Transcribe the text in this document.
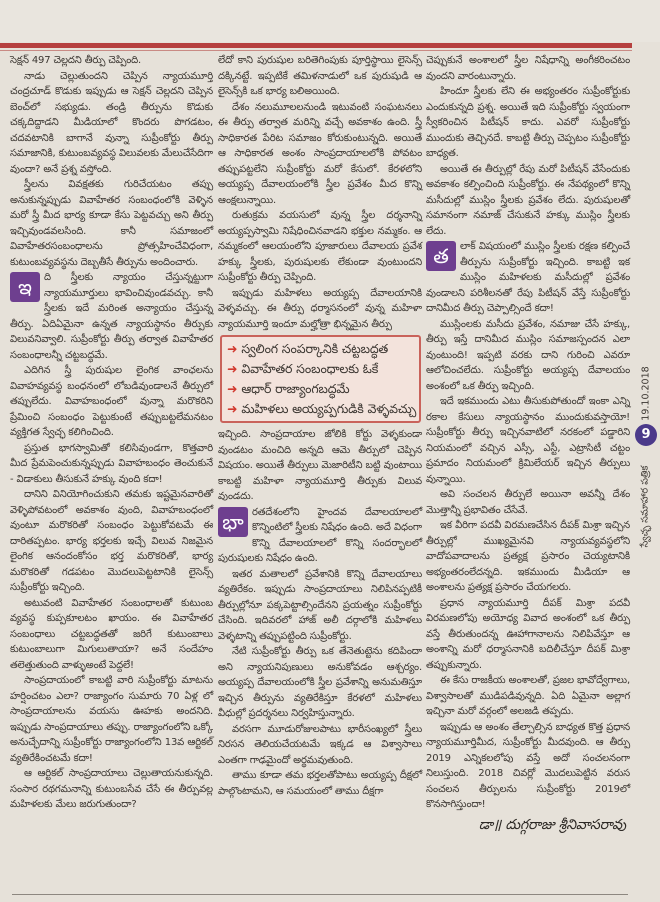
సెక్షన్ 497 చెల్లదని తీర్పు చెప్పింది.

నాడు చెల్లుతుందని చెప్పిన న్యాయమూర్తి చంద్రచూడ్ కొడుకు ఇప్పుడు ఆ సెక్షన్ చెల్లదని చెప్పిన బెంచ్‌లో సభ్యుడు. తండ్రి తీర్పును కొడుకు చక్కదిద్దాడని మీడియాలో కొందరు పొగడటం, చదవటానికి బాగానే వున్నా సుప్రీంకోర్టు తీర్పు సమాజానికి, కుటుంబవ్యవస్థ విలువలకు మేలుచేసేదిగా వుందా? అనే ప్రశ్న వస్తోంది.

స్త్రీలను వివక్షతకు గురిచేయటం తప్పు అనుకున్నప్పుడు వివాహేతర సంబంధంలోకి వెళ్ళిన మరో స్త్రీ మీద భార్య కూడా కేసు పెట్టవచ్చు అని తీర్పు ఇచ్చివుండవలసింది. కానీ సమాజంలో వివాహేతరసంబంధాలను ప్రోత్సహించేవిధంగా, కుటుంబవ్యవస్థను దెబ్బతీసే తీర్పును అందించారు.

ఇ	ది స్త్రీలకు న్యాయం చేస్తున్నట్టుగా న్యాయమూర్తులు భావించివుండవచ్చు. కానీ స్త్రీలకు ఇదే మరింత అన్యాయం చేస్తున్న తీర్పు. ఏదిఏమైనా ఉన్నత న్యాయస్థానం తీర్పుకు విలువనివ్వాలి. సుప్రీంకోర్టు తీర్పు తర్వాత వివాహేతర సంబంధాలన్నీ చట్టబద్ధమే.

ఎదిగిన స్త్రీ పురుషుల లైంగిక వాంఛలను వివాహవ్యవస్థ బంధనంలో లోబడివుండాలనే తీర్పులో తప్పులేదు. వివాహబంధంలో వున్నా మరొకరిని ప్రేమించి సంబంధం పెట్టుకుంటే తప్పుబట్టలేమనటం వ్యక్తిగత స్వేచ్ఛ కలిగించింది.

ప్రస్తుత భాగస్వామితో కలిసివుండగా, కొత్తవారి మీద ప్రేమపెంచుకున్నప్పుడు వివాహబంధం తెంచుకునే - విడాకులు తీసుకునే హక్కు వుంది కదా!

దానిని వినియోగించుకుని తమకు ఇష్టమైనవారితో వెళ్ళిపోవటంలో అవకాశం వుంది, వివాహబంధంలో వుంటూ మరొకరితో సంబంధం పెట్టుకోవటమే ఈ దారితప్పటం. భార్య భర్తలకు ఇచ్చే విలువ నిజమైన లైంగిక ఆనందంకోసం భర్త మరొకరితో, భార్య మరొకరితో గడపటం మొదలుపెట్టటానికి లైసెన్స్ సుప్రీంకోర్టు ఇచ్చింది.

అటువంటి వివాహేతర సంబంధాలతో కుటుంబ వ్యవస్థ కుప్పకూలటం ఖాయం. ఈ వివాహేతర సంబంధాలు చట్టబద్ధతతో జరిగే కుటుంబాలు కుటుంబాలుగా మిగులుతాయా? అనే సందేహం తలెత్తుతుంది వాళ్ళుఅంటే పెద్దలే!

సాంప్రదాయంలో కాబట్టి వారి సుప్రీంకోర్టు మాటను హర్షించటం ఎలా? రాజ్యాంగం సుమారు 70 ఏళ్ల లో సాంప్రదాయాలను వయసు ఊహకు అందనిది. ఇప్పుడు సాంప్రదాయాలు తప్పు. రాజ్యాంగంలోని ఒక్కో అనుచ్ఛేదాన్ని సుప్రీంకోర్టు రాజ్యాంగంలోని 13వ ఆర్టికల్ వ్యతిరేకించటమే కదా!

ఆ ఆర్టికల్ సాంప్రదాయాలు చెల్లుతాయనుకున్నది. సంసార రథగమనాన్ని కుటుంబసేవ చేసే ఈ తీర్పువల్ల మహిళలకు మేలు జరుగుతుందా?

లేదో కాని పురుషుల బరితెగింపుకు పూర్తిస్థాయి లైసెన్స్ దక్కినట్టే. ఇప్పటికే తమిళనాడులో ఒక పురుషుడి ఆ లైసెన్స్‌కి ఒక భార్య బలిఅయింది.

దేశం నలుమూలలనుండి ఇటువంటి సంఘటనలు ఈ తీర్పు తర్వాత మరిన్ని వచ్చే అవకాశం ఉంది. స్త్రీ సాధికారత పేరిట సమాజం కోరుకుంటున్నది. అయితే ఆ సాధికారత అంశం సాంప్రదాయాలలోకి పోవటం తప్పుపట్టలేని సుప్రీంకోర్టు మరో కేసులో. కేరళలోని అయ్యప్ప దేవాలయంలోకి స్త్రీల ప్రవేశం మీద కొన్ని ఆంక్షలున్నాయి.

రుతుక్రమ వయసులో వున్న స్త్రీల దర్శనాన్ని అయ్యప్పస్వామి నిషేధించినవాడని భక్తుల నమ్మకం. ఆ నమ్మకంలో ఆలయంలోని పూజారులు దేవాలయ ప్రవేశ హక్కు స్త్రీలకు, పురుషులకు లేకుండా వుంటుందని సుప్రీంకోర్టు తీర్పు చెప్పింది.

ఇప్పుడు మహిళలు అయ్యప్ప దేవాలయానికి వెళ్ళవచ్చు. ఈ తీర్పు ధర్మాసనంలో వున్న మహిళా న్యాయమూర్తి ఇందూ మల్హోత్రా భిన్నమైన తీర్పు

➜ స్వలింగ సంపర్కానికి చట్టబద్ధత
➜ వివాహేతర సంబంధాలకు ఓకే
➜ ఆధార్ రాజ్యాంగబద్ధమే
➜ మహిళలు అయ్యప్పగుడికి వెళ్ళవచ్చు

ఇచ్చింది. సాంప్రదాయాల జోలికి కోర్టు వెళ్ళకుండా వుండటం మంచిది అన్నది ఆమె తీర్పులో చెప్పిన విషయం. అయితే తీర్పులు మెజారిటీని బట్టి వుంటాయి కాబట్టి మహిళా న్యాయమూర్తి తీర్పుకు విలువ వుండదు.

భా రతదేశంలోని హైందవ దేవాలయాలలో కొన్నింటిలో స్త్రీలకు నిషేధం ఉంది. అదే విధంగా కొన్ని దేవాలయాలలో కొన్ని సందర్భాలలో పురుషులకు నిషేధం ఉంది.

ఇతర మతాలలో ప్రవేశానికి కొన్ని దేవాలయాలు వ్యతిరేకం. ఇప్పుడు సాంప్రదాయాలు నిలిపినప్పటికీ తీర్పుల్లోనూ పక్కపెట్టాల్సిందేనని ప్రయత్నం సుప్రీంకోర్టు చేసింది. ఇదివరలో హాజ్ అలీ దర్గాలోకి మహిళలు వెళ్ళటాన్ని తప్పుపట్టింది సుప్రీంకోర్టు.

నేటి సుప్రీంకోర్టు తీర్పు ఒక తేనెతుట్టెను కదిపిందా అని న్యాయనిపుణులు అనుకోవడం ఆశ్చర్యం. అయ్యప్ప దేవాలయంలోకి స్త్రీల ప్రవేశాన్ని అనుమతిస్తూ ఇచ్చిన తీర్పును వ్యతిరేకిస్తూ కేరళలో మహిళలు వీధుల్లో ప్రదర్శనలు నిర్వహిస్తున్నారు.

వరసగా మూడురోజులపాటు భారీసంఖ్యలో స్త్రీలు నిరసన తెలియచేయటమే ఇక్కడ ఆ విశ్వాసాలు ఎంతగా గాఢమైందో అర్థమవుతుంది.

తాము కూడా తమ భర్తలతోపాటు అయ్యప్ప దీక్షలో పాల్గొంటామని, ఆ సమయంలో తాము దీక్షగా

చెప్పుకునే అంశాలలో స్త్రీల నిషేధాన్ని అంగీకరించటం వుందని వారంటున్నారు.

హిందూ స్త్రీలకు లేని ఈ అభ్యంతరం సుప్రీంకోర్టుకు ఎందుకున్నది ప్రశ్న. అయితే ఇది సుప్రీంకోర్టు స్వయంగా స్వీకరించిన పిటీషన్ కాదు. ఎవరో సుప్రీంకోర్టు ముందుకు తెచ్చినదే. కాబట్టి తీర్పు చెప్పటం సుప్రీంకోర్టు బాధ్యత.

అయితే ఈ తీర్పుల్లో రేపు మరో పిటీషన్ వేసేందుకు అవకాశం కల్పించింది సుప్రీంకోర్టు. ఈ నేపథ్యంలో కొన్ని మసీదుల్లో ముస్లిం స్త్రీలకు ప్రవేశం లేదు. పురుషులతో సమానంగా నమాజ్ చేసుకునే హక్కు ముస్లిం స్త్రీలకు లేదు.

త	లాక్ విషయంలో ముస్లిం స్త్రీలకు రక్షణ కల్పించే తీర్పును సుప్రీంకోర్టు ఇచ్చింది. కాబట్టి ఇక ముస్లిం మహిళలకు మసీదుల్లో ప్రవేశం వుండాలని పరిశీలనతో రేపు పిటీషన్ వేస్తే సుప్రీంకోర్టు దానిమీద తీర్పు చెప్పాల్సిందే కదా!

ముస్లింలకు మసీదు ప్రవేశం, నమాజు చేసే హక్కు, తీర్పు ఇస్తే దానిమీద ముస్లిం సమాజస్పందన ఎలా వుంటుంది! ఇప్పటి వరకు దాని గురించి ఎవరూ ఆలోచించలేదు. సుప్రీంకోర్టు అయ్యప్ప దేవాలయం అంశంలో ఒక తీర్పు ఇచ్చింది.

ఇదే ఇకముందు ఎటు తీసుకుపోతుందో ఇంకా ఎన్ని రకాల కేసులు న్యాయస్థానం ముందుకువస్తాయో! సుప్రీంకోర్టు తీర్పు ఇచ్చినవాటిలో నరకంలో పడ్డారిని నియమంలో వచ్చిన ఎస్సీ, ఎస్టీ, ఎట్రాసిటీ చట్టం ప్రమాదం నియమంలో క్రిమిలేయర్ ఇచ్చిన తీర్పులు వున్నాయి.

అవి సంచలన తీర్పులే అయినా అవన్నీ దేశం మొత్తాన్నీ ప్రభావితం చేసేవే.

ఇక వీరిగా పదవీ విరమణచేసిన దీపక్ మిశ్రా ఇచ్చిన తీర్పుల్లో ముఖ్యమైనవి న్యాయవ్యవస్థలోని వాదోపవాదాలను ప్రత్యక్ష ప్రసారం చెయ్యటానికి అభ్యంతరంలేదన్నది. ఇకముందు మీడియా ఆ అంశాలను ప్రత్యక్ష ప్రసారం చేయగలరు.

ప్రధాన న్యాయమూర్తి దీపక్ మిశ్రా పదవీ విరమణలోపు అయోధ్య వివాద అంశంలో ఒక తీర్పు వస్తే తీరుతుందన్న ఊహాగానాలను నిలిపివేస్తూ ఆ అంశాన్ని మరో ధర్మాసనానికి బదిలీచేస్తూ దీపక్ మిశ్రా తప్పుకున్నారు.

ఈ కేసు రాజకీయ అంశాలతో, ప్రజల భావోద్వేగాలు, విశ్వాసాలతో ముడిపడివున్నది. ఏది ఏమైనా అల్లాగ ఇచ్చినా మరో వర్గంలో అలజడి తప్పదు.

ఇప్పుడు ఆ అంశం తేల్చాల్సిన బాధ్యత కొత్త ప్రధాన న్యాయమూర్తిమీద, సుప్రీంకోర్టు మీదవుంది. ఆ తీర్పు 2019 ఎన్నికలలోపు వస్తే అదో సంచలనంగా నిలుస్తుంది. 2018 చివర్లో మొదలుపెట్టిన వరుస సంచలన తీర్పులను సుప్రీంకోర్టు 2019లో కొనసాగిస్తుందా!

డా॥ దుగ్గరాజు శ్రీనివాసరావు
19.10.2018
9
స్వేచ్ఛ సమాహార పత్రిక
